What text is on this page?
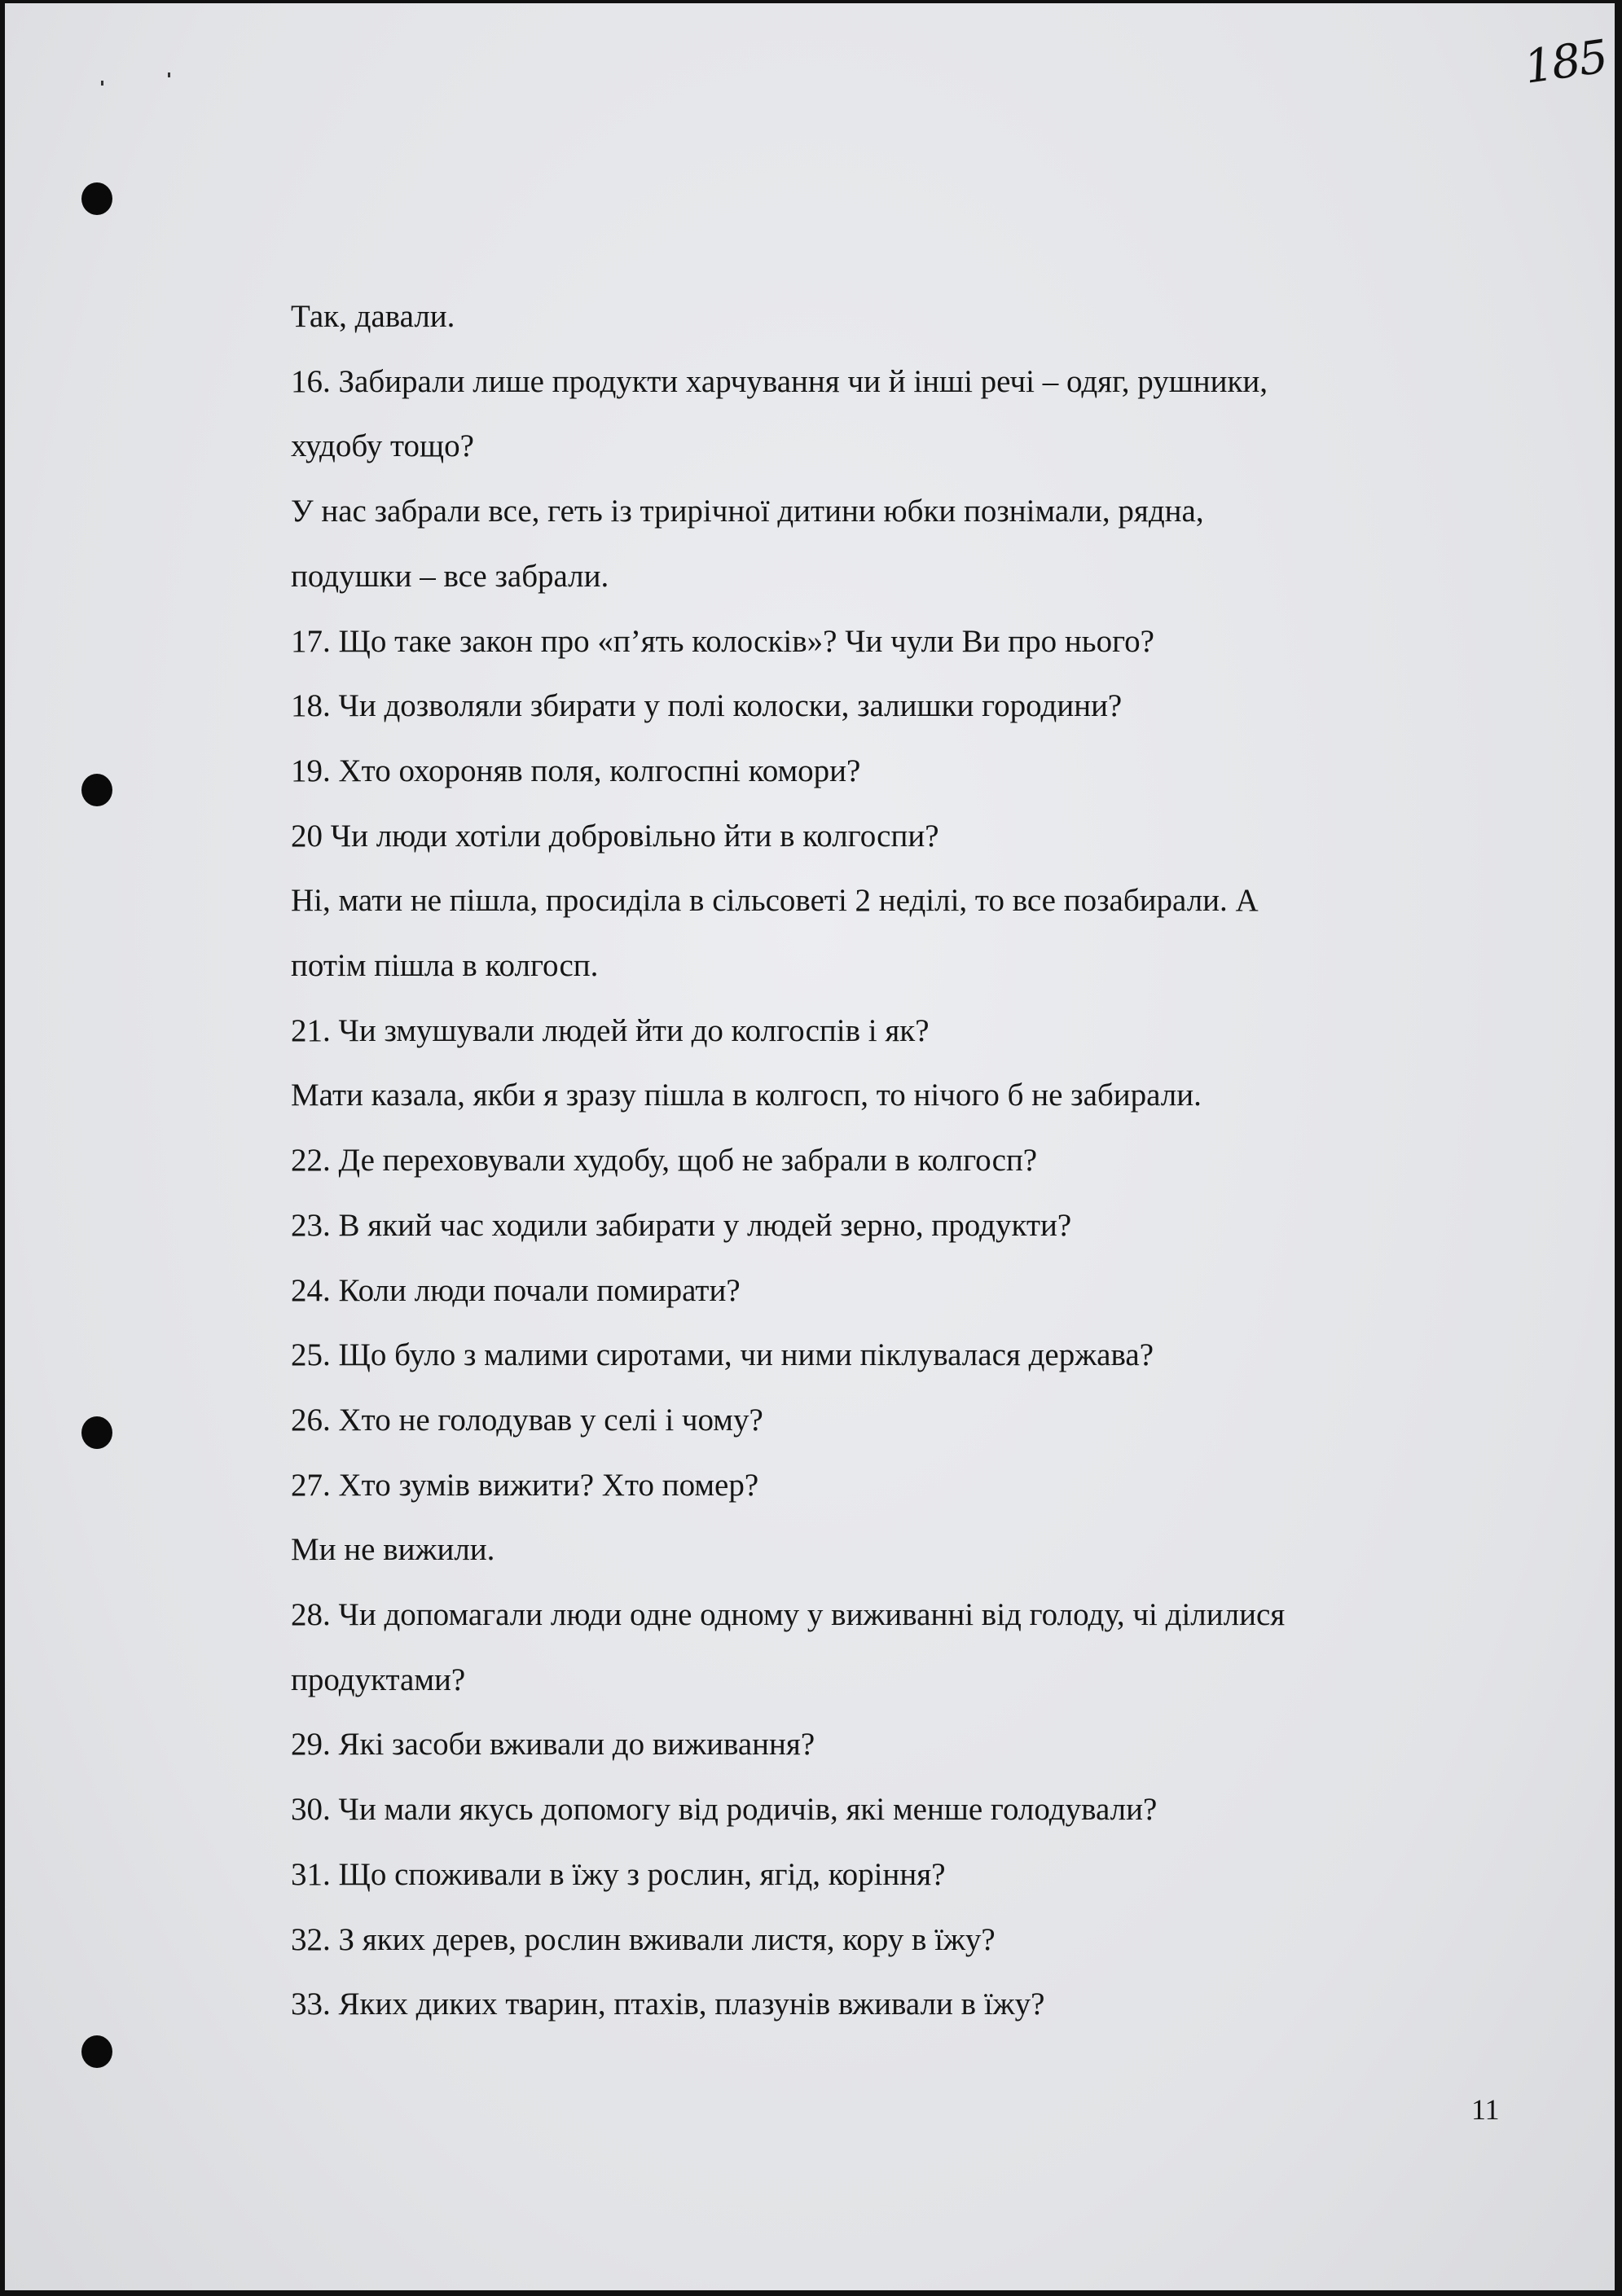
185
Так, давали.
16. Забирали лише продукти харчування чи й інші речі – одяг, рушники,
худобу тощо?
У нас забрали все, геть із трирічної дитини юбки познімали, рядна,
подушки – все забрали.
17. Що таке закон про «п’ять колосків»? Чи чули Ви про нього?
18. Чи дозволяли збирати у полі колоски, залишки городини?
19. Хто охороняв поля, колгоспні комори?
20 Чи люди хотіли добровільно йти в колгоспи?
Ні, мати не пішла, просиділа в сільсоветі 2 неділі, то все позабирали. А
потім пішла в колгосп.
21. Чи змушували людей йти до колгоспів і як?
Мати казала, якби я зразу пішла в колгосп, то нічого б не забирали.
22. Де переховували худобу, щоб не забрали в колгосп?
23. В який час ходили забирати у людей зерно, продукти?
24. Коли люди почали помирати?
25. Що було з малими сиротами, чи ними піклувалася держава?
26. Хто не голодував у селі і чому?
27. Хто зумів вижити? Хто помер?
Ми не вижили.
28. Чи допомагали люди одне одному у виживанні від голоду, чі ділилися
продуктами?
29. Які засоби вживали до виживання?
30. Чи мали якусь допомогу від родичів, які менше голодували?
31. Що споживали в їжу з рослин, ягід, коріння?
32. З яких дерев, рослин вживали листя, кору в їжу?
33. Яких диких тварин, птахів, плазунів вживали в їжу?
11
